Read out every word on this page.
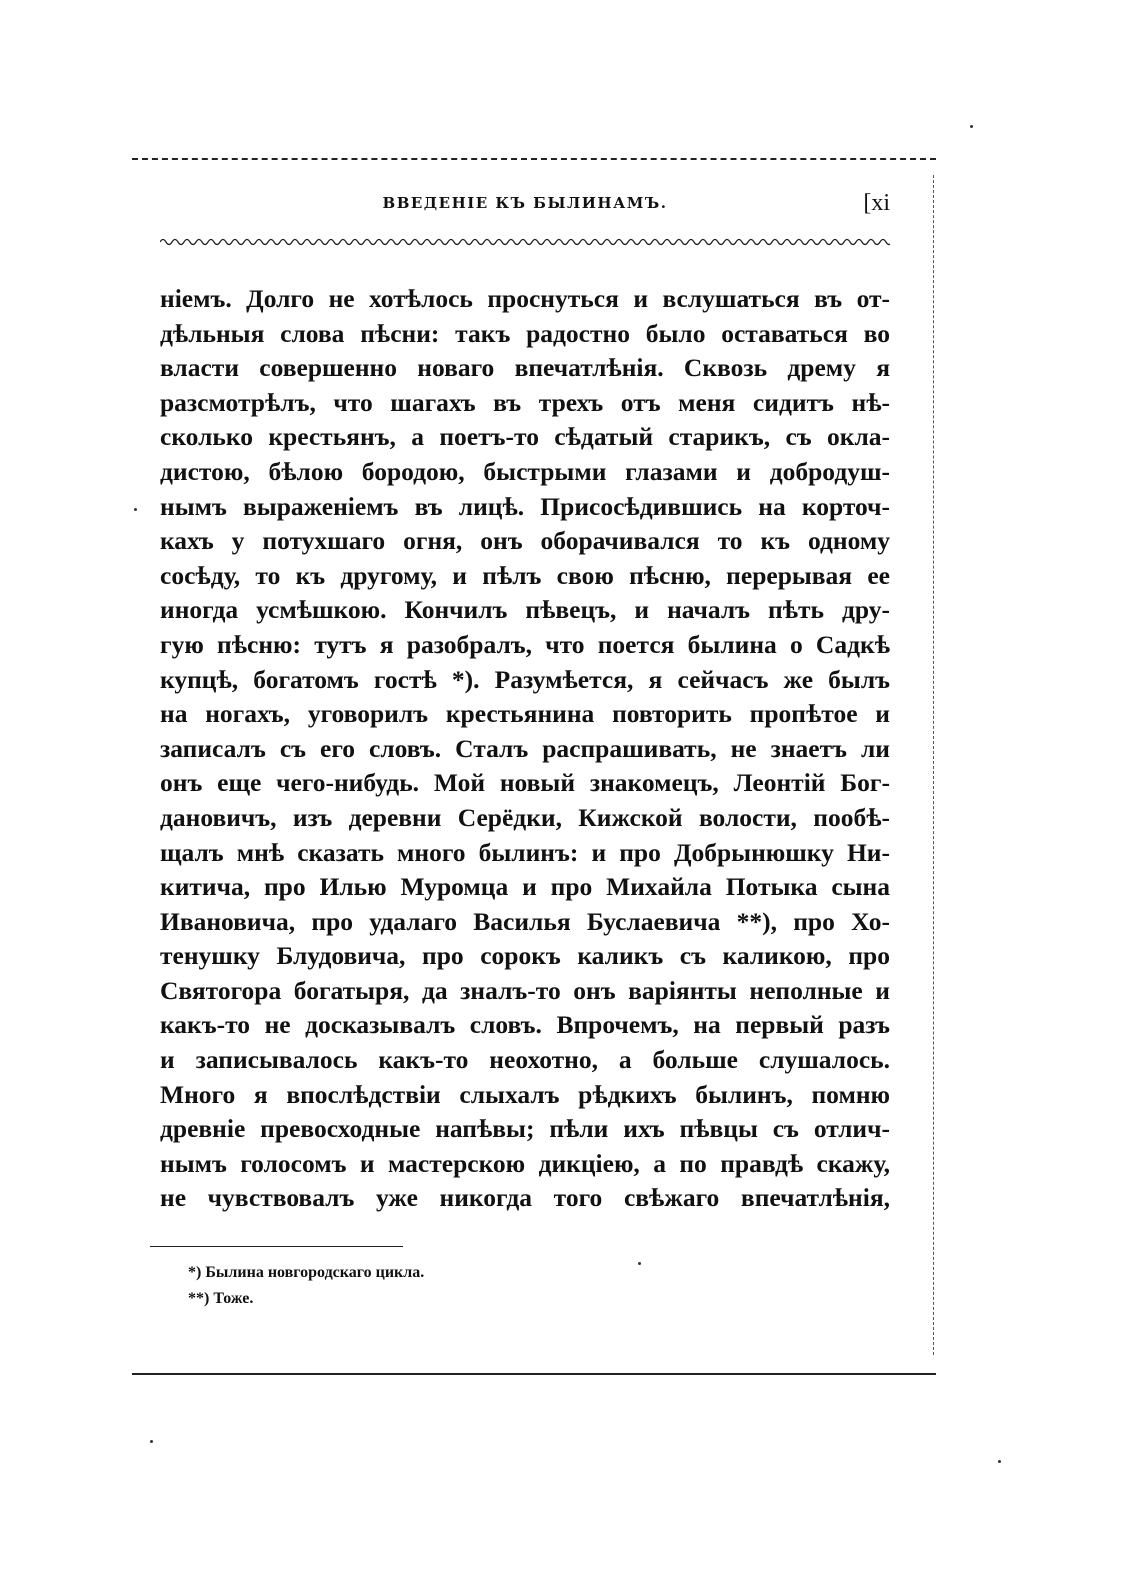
ВВЕДЕНІЕ КЪ БЫЛИНАМЪ.	[xi
ніемъ. Долго не хотѣлось проснуться и вслушаться въ от-
дѣльныя слова пѣсни: такъ радостно было оставаться во
власти совершенно новаго впечатлѣнія. Сквозь дрему я
разсмотрѣлъ, что шагахъ въ трехъ отъ меня сидитъ нѣ-
сколько крестьянъ, а поетъ-то сѣдатый старикъ, съ окла-
дистою, бѣлою бородою, быстрыми глазами и добродуш-
нымъ выраженіемъ въ лицѣ. Присосѣдившись на корточ-
кахъ у потухшаго огня, онъ оборачивался то къ одному
сосѣду, то къ другому, и пѣлъ свою пѣсню, перерывая ее
иногда усмѣшкою. Кончилъ пѣвецъ, и началъ пѣть дру-
гую пѣсню: тутъ я разобралъ, что поется былина о Садкѣ
купцѣ, богатомъ гостѣ *). Разумѣется, я сейчасъ же былъ
на ногахъ, уговорилъ крестьянина повторить пропѣтое и
записалъ съ его словъ. Сталъ распрашивать, не знаетъ ли
онъ еще чего-нибудь. Мой новый знакомецъ, Леонтій Бог-
дановичъ, изъ деревни Серёдки, Кижской волости, пообѣ-
щалъ мнѣ сказать много былинъ: и про Добрынюшку Ни-
китича, про Илью Муромца и про Михайла Потыка сына
Ивановича, про удалаго Василья Буслаевича **), про Хо-
тенушку Блудовича, про сорокъ каликъ съ каликою, про
Святогора богатыря, да зналъ-то онъ варіянты неполные и
какъ-то не досказывалъ словъ. Впрочемъ, на первый разъ
и записывалось какъ-то неохотно, а больше слушалось.
Много я впослѣдствіи слыхалъ рѣдкихъ былинъ, помню
древніе превосходные напѣвы; пѣли ихъ пѣвцы съ отлич-
нымъ голосомъ и мастерскою дикціею, а по правдѣ скажу,
не чувствовалъ уже никогда того свѣжаго впечатлѣнія,
*) Былина новгородскаго цикла.
**) Тоже.
